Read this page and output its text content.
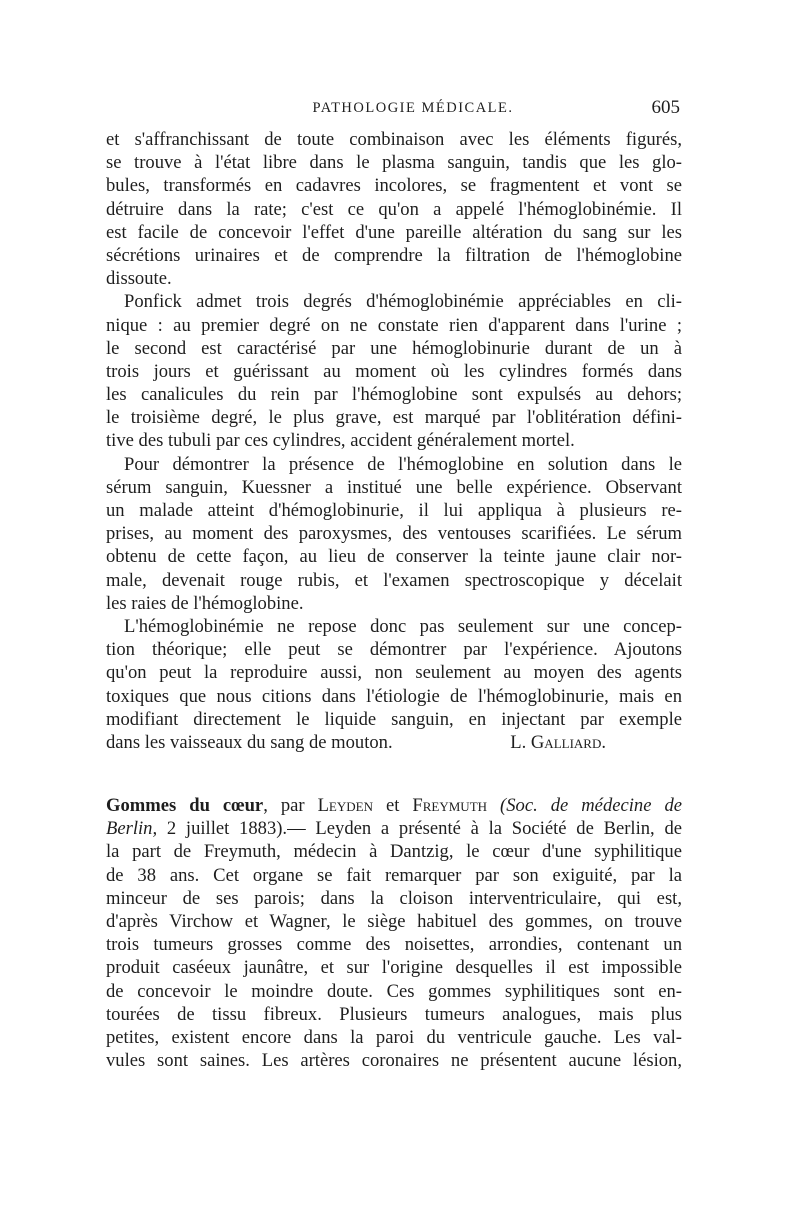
PATHOLOGIE MÉDICALE.	605
et s'affranchissant de toute combinaison avec les éléments figurés,
se trouve à l'état libre dans le plasma sanguin, tandis que les glo-
bules, transformés en cadavres incolores, se fragmentent et vont se
détruire dans la rate; c'est ce qu'on a appelé l'hémoglobinémie. Il
est facile de concevoir l'effet d'une pareille altération du sang sur les
sécrétions urinaires et de comprendre la filtration de l'hémoglobine
dissoute.
Ponfick admet trois degrés d'hémoglobinémie appréciables en cli-
nique : au premier degré on ne constate rien d'apparent dans l'urine ;
le second est caractérisé par une hémoglobinurie durant de un à
trois jours et guérissant au moment où les cylindres formés dans
les canalicules du rein par l'hémoglobine sont expulsés au dehors;
le troisième degré, le plus grave, est marqué par l'oblitération défini-
tive des tubuli par ces cylindres, accident généralement mortel.
Pour démontrer la présence de l'hémoglobine en solution dans le
sérum sanguin, Kuessner a institué une belle expérience. Observant
un malade atteint d'hémoglobinurie, il lui appliqua à plusieurs re-
prises, au moment des paroxysmes, des ventouses scarifiées. Le sérum
obtenu de cette façon, au lieu de conserver la teinte jaune clair nor-
male, devenait rouge rubis, et l'examen spectroscopique y décelait
les raies de l'hémoglobine.
L'hémoglobinémie ne repose donc pas seulement sur une concep-
tion théorique; elle peut se démontrer par l'expérience. Ajoutons
qu'on peut la reproduire aussi, non seulement au moyen des agents
toxiques que nous citions dans l'étiologie de l'hémoglobinurie, mais en
modifiant directement le liquide sanguin, en injectant par exemple
dans les vaisseaux du sang de mouton.	L. Galliard.
Gommes du cœur, par Leyden et Freymuth (Soc. de médecine de
Berlin, 2 juillet 1883).— Leyden a présenté à la Société de Berlin, de
la part de Freymuth, médecin à Dantzig, le cœur d'une syphilitique
de 38 ans. Cet organe se fait remarquer par son exiguité, par la
minceur de ses parois; dans la cloison interventriculaire, qui est,
d'après Virchow et Wagner, le siège habituel des gommes, on trouve
trois tumeurs grosses comme des noisettes, arrondies, contenant un
produit caséeux jaunâtre, et sur l'origine desquelles il est impossible
de concevoir le moindre doute. Ces gommes syphilitiques sont en-
tourées de tissu fibreux. Plusieurs tumeurs analogues, mais plus
petites, existent encore dans la paroi du ventricule gauche. Les val-
vules sont saines. Les artères coronaires ne présentent aucune lésion,
